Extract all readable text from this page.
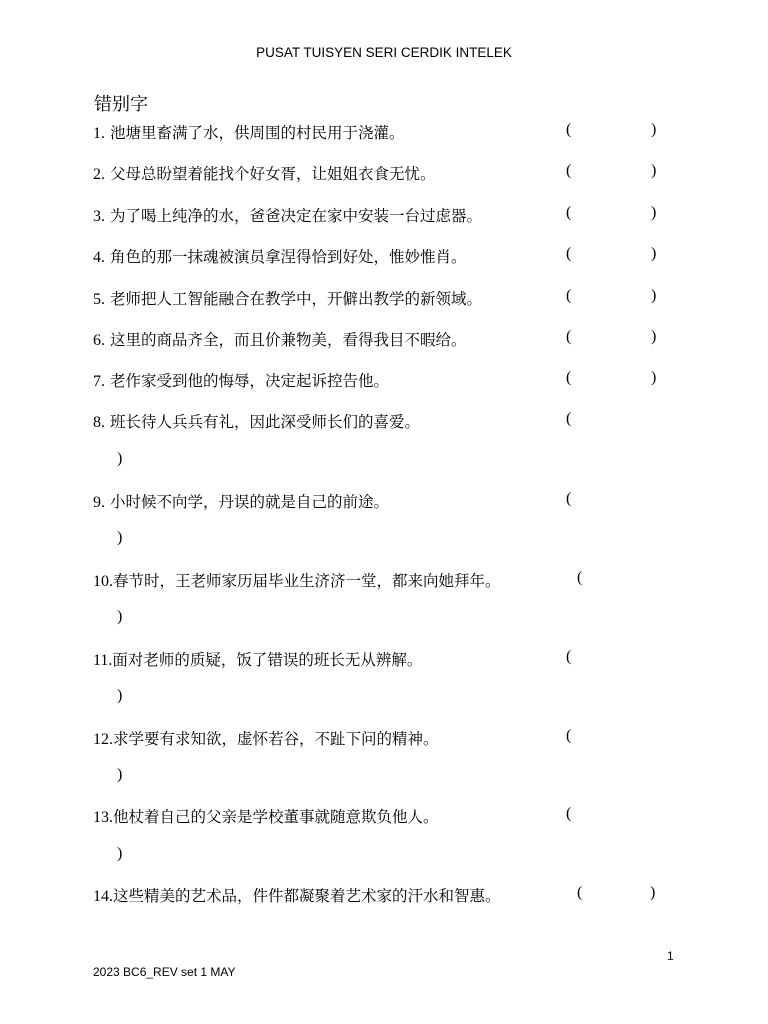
PUSAT TUISYEN SERI CERDIK INTELEK
错别字
1. 池塘里畜满了水，供周围的村民用于浇灌。	(	)
2. 父母总盼望着能找个好女胥，让姐姐衣食无忧。	(	)
3. 为了喝上纯净的水，爸爸决定在家中安装一台过虑器。	(	)
4. 角色的那一抹魂被演员拿涅得恰到好处，惟妙惟肖。	(	)
5. 老师把人工智能融合在教学中，开僻出教学的新领域。	(	)
6. 这里的商品齐全，而且价兼物美，看得我目不暇给。	(	)
7. 老作家受到他的悔辱，决定起诉控告他。	(	)
8. 班长待人兵兵有礼，因此深受师长们的喜爱。	(
)
9. 小时候不向学，丹误的就是自己的前途。	(
)
10.春节时，王老师家历届毕业生济济一堂，都来向她拜年。	(
)
11.面对老师的质疑，饭了错误的班长无从辨解。	(
)
12.求学要有求知欲，虚怀若谷，不趾下问的精神。	(
)
13.他杖着自己的父亲是学校董事就随意欺负他人。	(
)
14.这些精美的艺术品，件件都凝聚着艺术家的汗水和智惠。	(	)
1
2023 BC6_REV set 1 MAY
